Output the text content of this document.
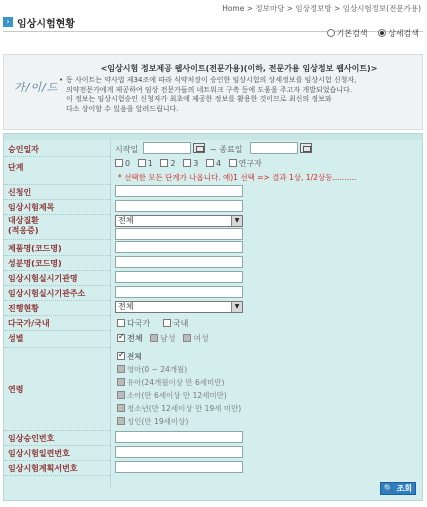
Home > 정보마당 > 임상정보방 > 임상시험정보(전문가용)
› 임상시험현황
기본검색	상세검색
가/이/드
<임상시험 정보제공 웹사이트(전문가용)(이하, 전문가용 임상정보 웹사이트)>
• 동 사이트는 약사법 제34조에 따라 식약처장이 승인한 임상시험의 상세정보를 임상시험 신청자,
의약전문가에게 제공하여 임상 전문가들의 네트워크 구축 등에 도움을 주고자 개발되었습니다.
이 정보는 임상시험승인 신청자가 최초에 제공한 정보를 활용한 것이므로 최신의 정보와
다소 상이할 수 있음을 알려드립니다.
승인일자	시작일	~ 종료일
단계	0 1 2 3 4 연구자
* 선택한 모든 단계가 나옵니다. 예)1 선택 => 결과 1상, 1/2상등..........
신청인
임상시험제목
대상질환
(적응증)
전체	▼
제품명(코드명)
성분명(코드명)
임상시험실시기관명
임상시험실시기관주소
진행현황	전체	▼
다국가/국내	다국가	국내
성별
✓	전체 남성 여성
연령
✓전체
영아(0 ~ 24개월)
유아(24개월이상 만 6세미만)
소아(만 6세이상 만 12세미만)
청소년(만 12세이상 만 19세 미만)
성인(만 19세이상)
임상승인번호
임상시험일련번호
임상시험계획서번호
🔍 조회
